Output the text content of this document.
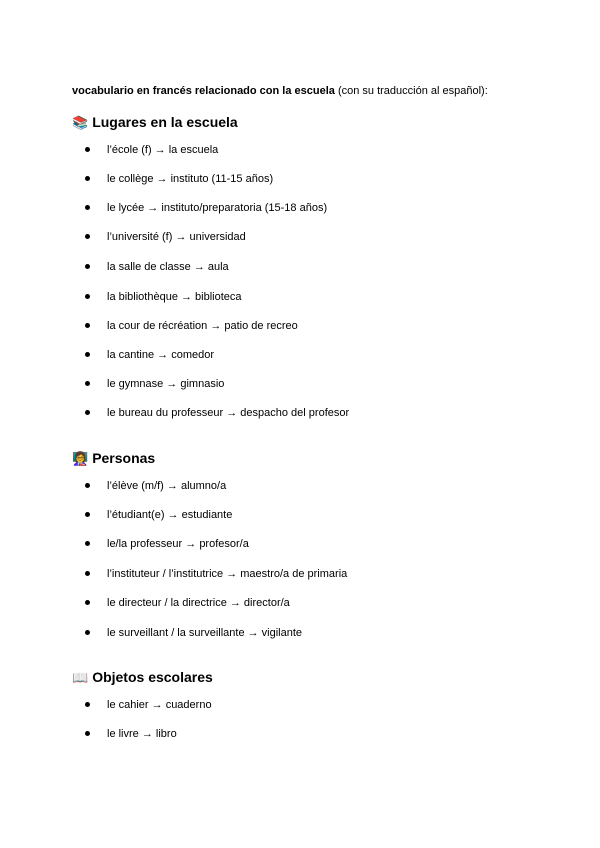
vocabulario en francés relacionado con la escuela (con su traducción al español):
📚 Lugares en la escuela
l’école (f) → la escuela
le collège → instituto (11-15 años)
le lycée → instituto/preparatoria (15-18 años)
l’université (f) → universidad
la salle de classe → aula
la bibliothèque → biblioteca
la cour de récréation → patio de recreo
la cantine → comedor
le gymnase → gimnasio
le bureau du professeur → despacho del profesor
👩‍🏫 Personas
l’élève (m/f) → alumno/a
l’étudiant(e) → estudiante
le/la professeur → profesor/a
l’instituteur / l’institutrice → maestro/a de primaria
le directeur / la directrice → director/a
le surveillant / la surveillante → vigilante
📖 Objetos escolares
le cahier → cuaderno
le livre → libro
